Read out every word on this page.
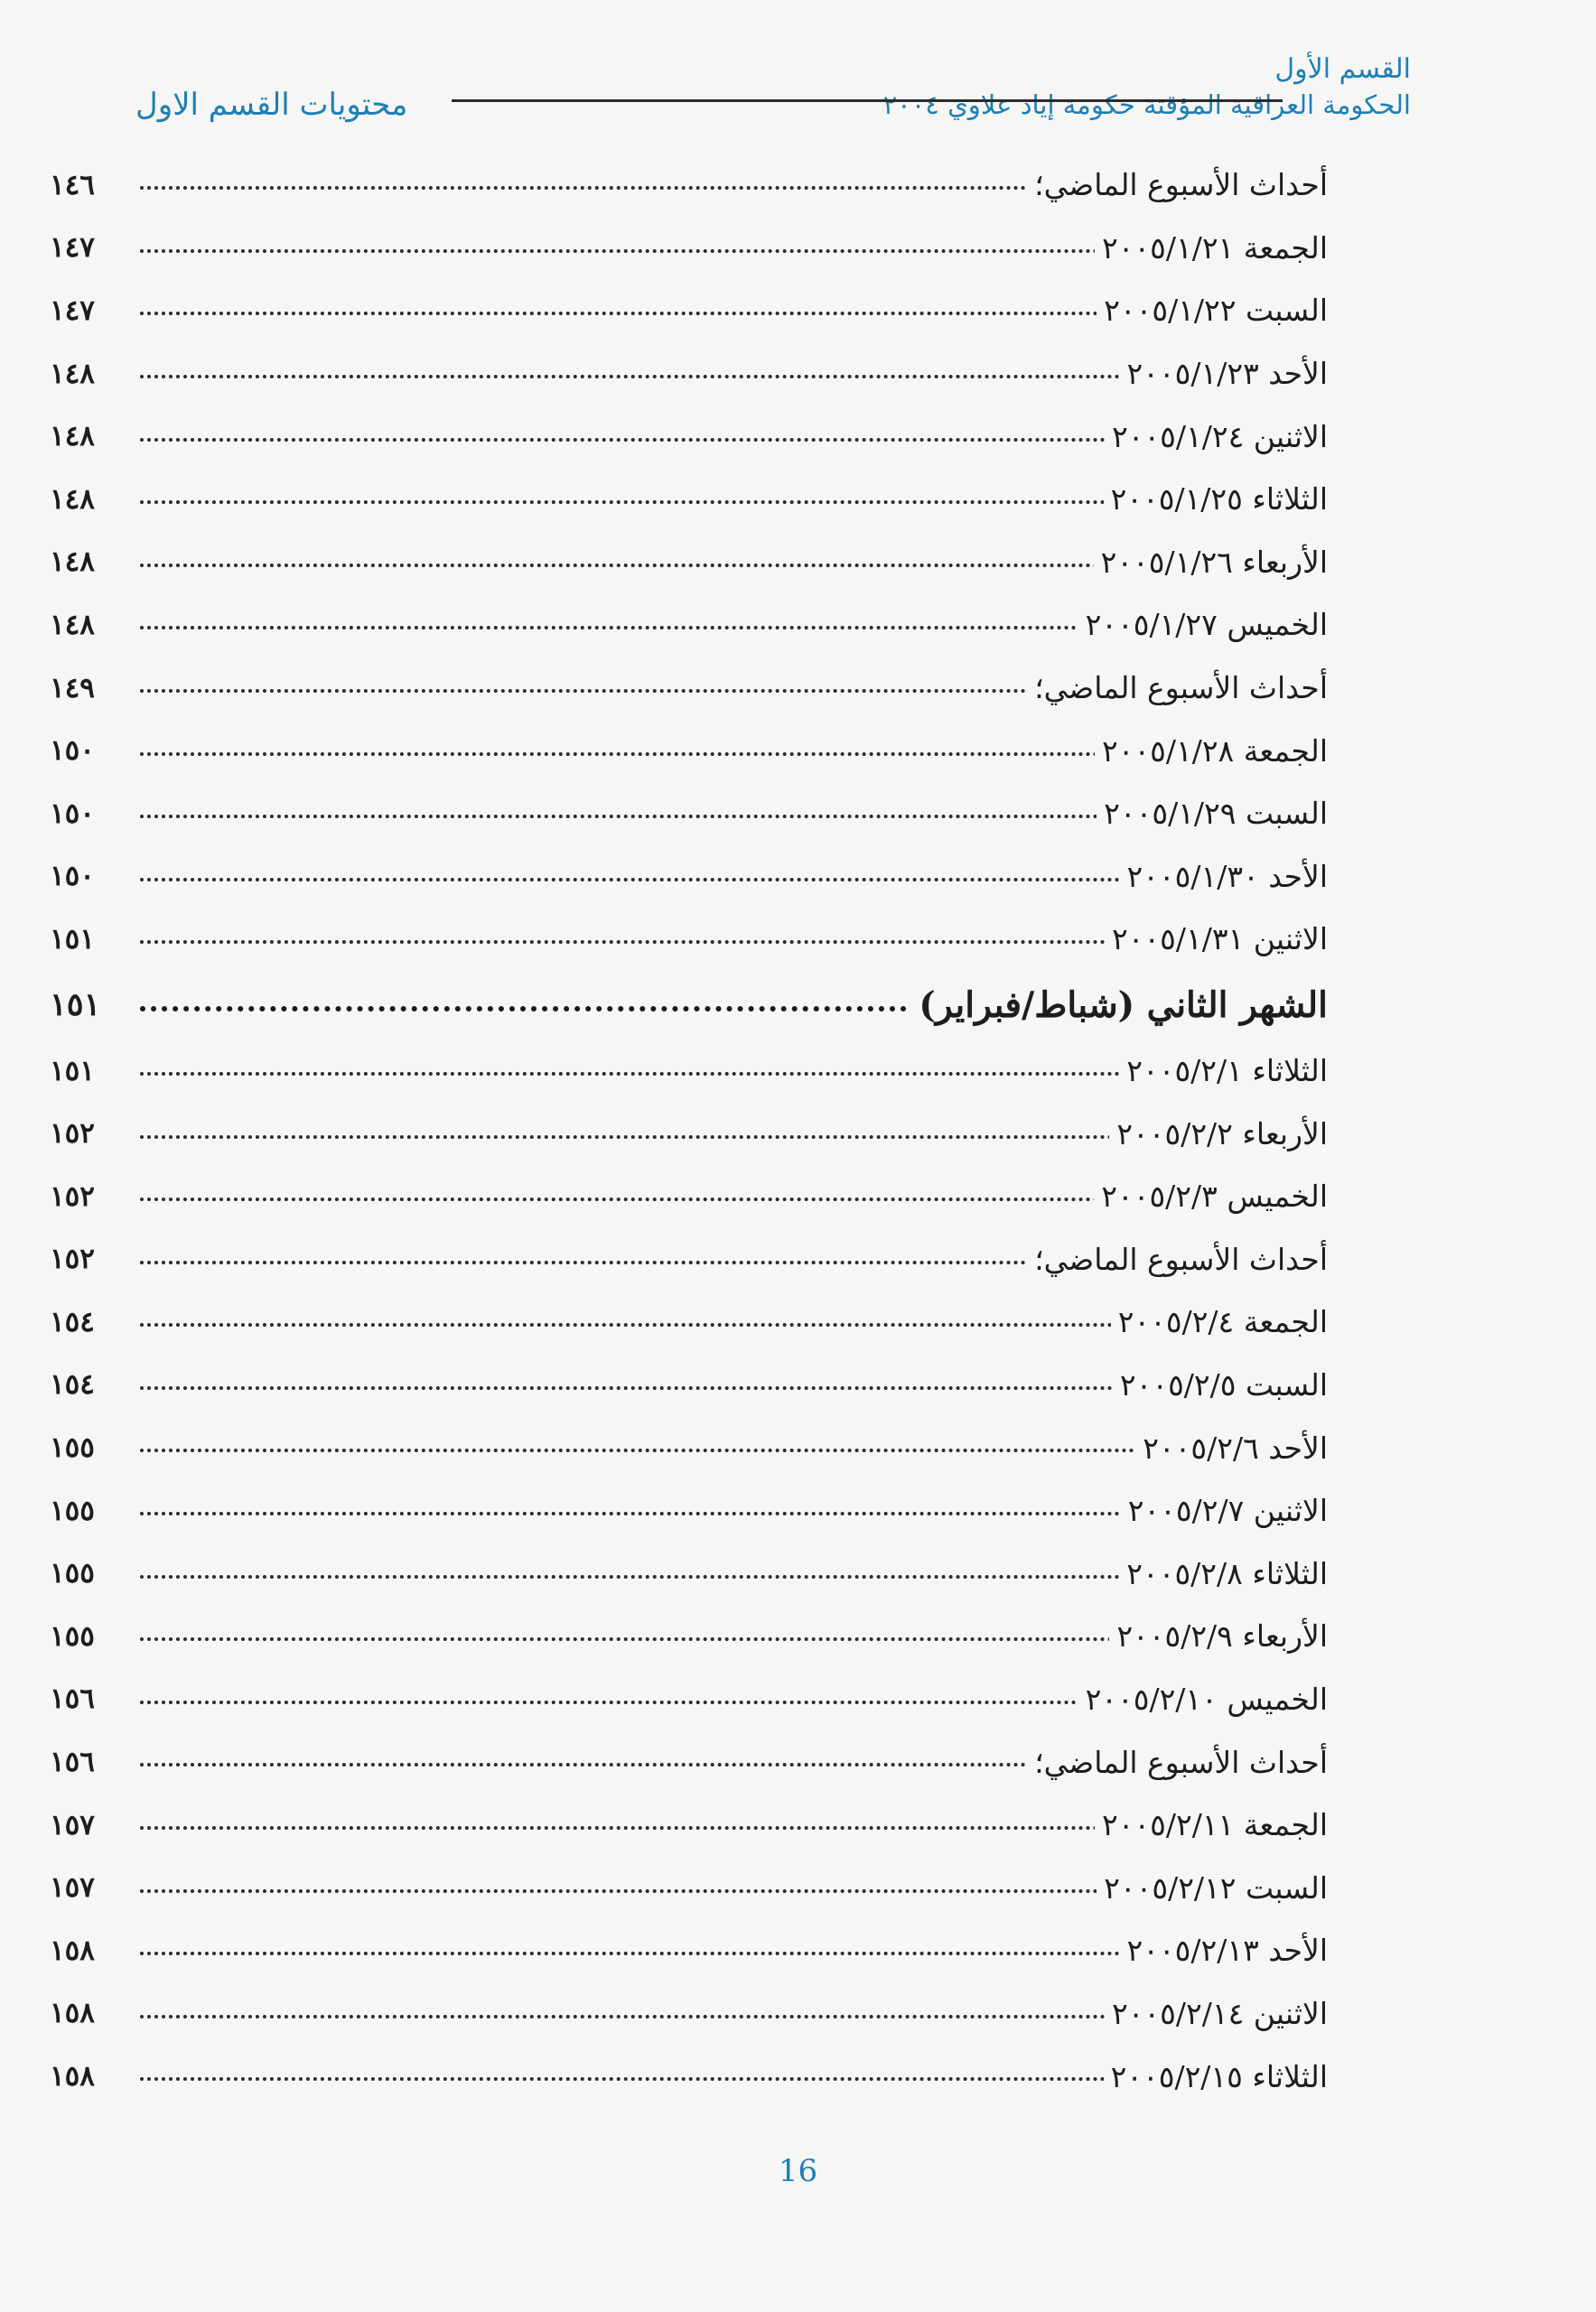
القسم الأول
الحكومة العراقية المؤقتة حكومة إياد علاوي ٢٠٠٤
محتويات القسم الاول
١٤٦	أحداث الأسبوع الماضي؛
١٤٧	الجمعة ٢٠٠٥/١/٢١
١٤٧	السبت ٢٠٠٥/١/٢٢
١٤٨	الأحد ٢٠٠٥/١/٢٣
١٤٨	الاثنين ٢٠٠٥/١/٢٤
١٤٨	الثلاثاء ٢٠٠٥/١/٢٥
١٤٨	الأربعاء ٢٠٠٥/١/٢٦
١٤٨	الخميس ٢٠٠٥/١/٢٧
١٤٩	أحداث الأسبوع الماضي؛
١٥٠	الجمعة ٢٠٠٥/١/٢٨
١٥٠	السبت ٢٠٠٥/١/٢٩
١٥٠	الأحد ٢٠٠٥/١/٣٠
١٥١	الاثنين ٢٠٠٥/١/٣١
١٥١	الشهر الثاني (شباط/فبراير)
١٥١	الثلاثاء ٢٠٠٥/٢/١
١٥٢	الأربعاء ٢٠٠٥/٢/٢
١٥٢	الخميس ٢٠٠٥/٢/٣
١٥٢	أحداث الأسبوع الماضي؛
١٥٤	الجمعة ٢٠٠٥/٢/٤
١٥٤	السبت ٢٠٠٥/٢/٥
١٥٥	الأحد ٢٠٠٥/٢/٦
١٥٥	الاثنين ٢٠٠٥/٢/٧
١٥٥	الثلاثاء ٢٠٠٥/٢/٨
١٥٥	الأربعاء ٢٠٠٥/٢/٩
١٥٦	الخميس ٢٠٠٥/٢/١٠
١٥٦	أحداث الأسبوع الماضي؛
١٥٧	الجمعة ٢٠٠٥/٢/١١
١٥٧	السبت ٢٠٠٥/٢/١٢
١٥٨	الأحد ٢٠٠٥/٢/١٣
١٥٨	الاثنين ٢٠٠٥/٢/١٤
١٥٨	الثلاثاء ٢٠٠٥/٢/١٥
16
